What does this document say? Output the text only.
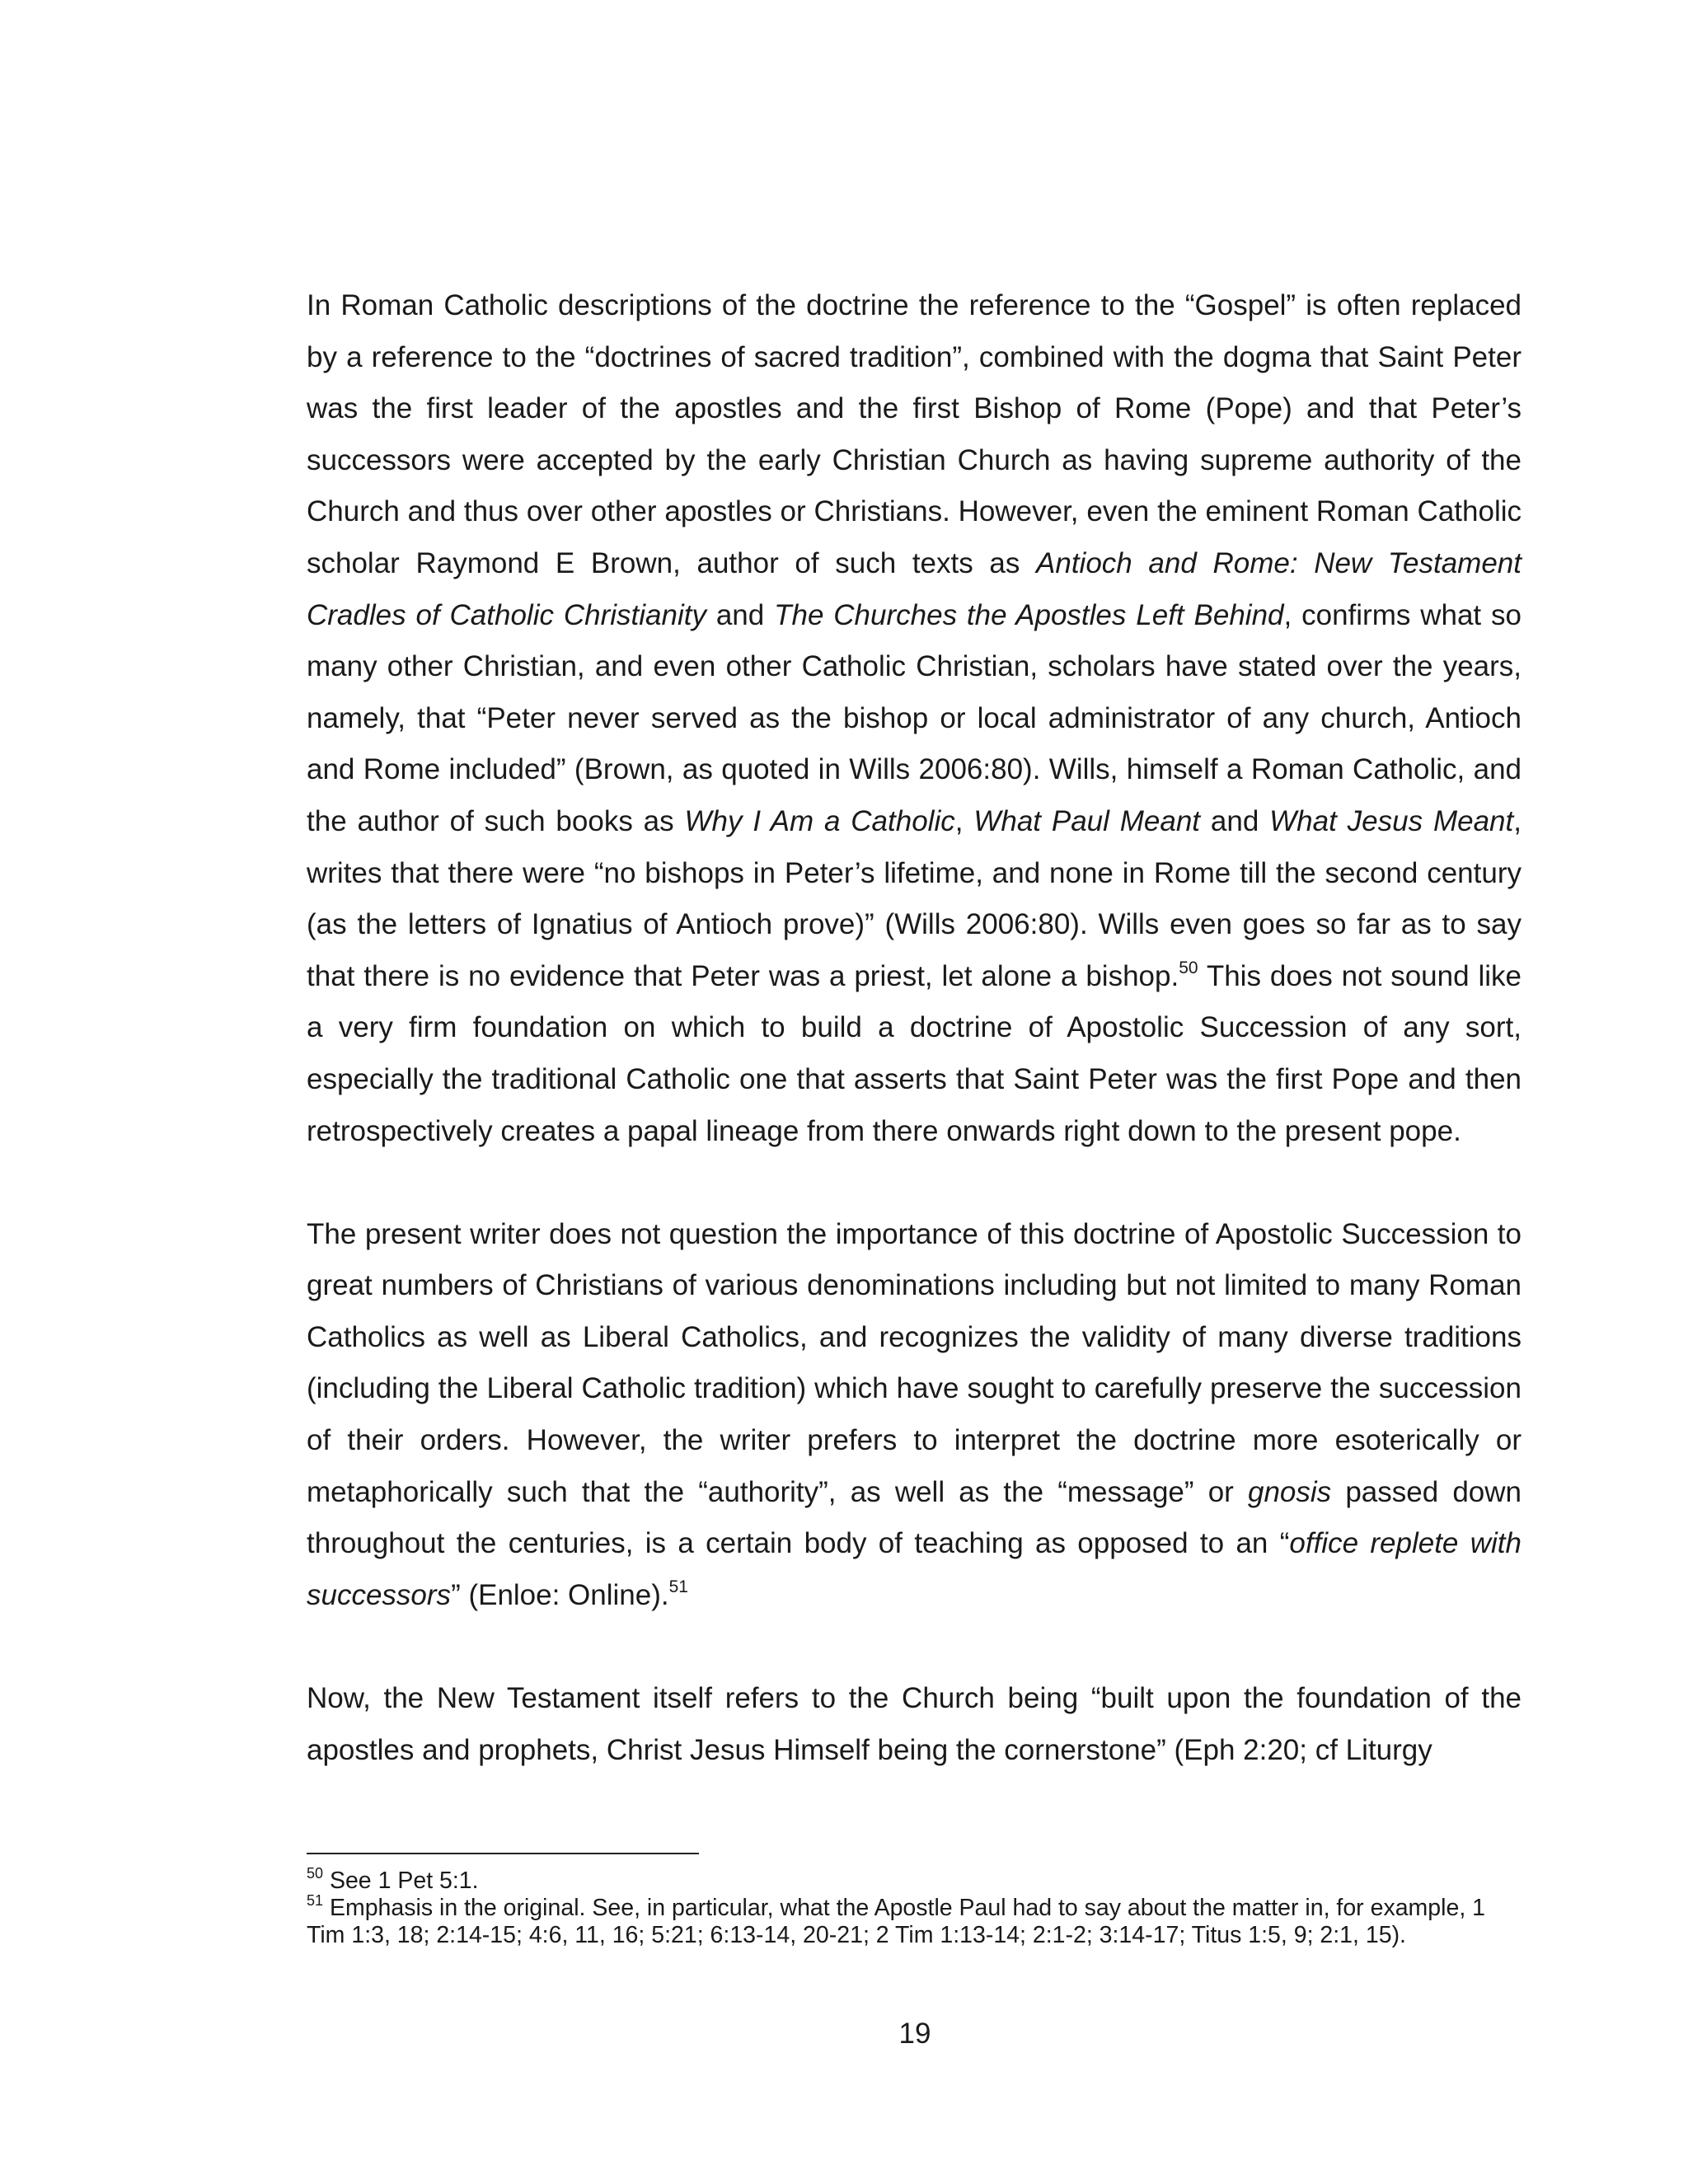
In Roman Catholic descriptions of the doctrine the reference to the “Gospel” is often replaced by a reference to the “doctrines of sacred tradition”, combined with the dogma that Saint Peter was the first leader of the apostles and the first Bishop of Rome (Pope) and that Peter’s successors were accepted by the early Christian Church as having supreme authority of the Church and thus over other apostles or Christians. However, even the eminent Roman Catholic scholar Raymond E Brown, author of such texts as Antioch and Rome: New Testament Cradles of Catholic Christianity and The Churches the Apostles Left Behind, confirms what so many other Christian, and even other Catholic Christian, scholars have stated over the years, namely, that “Peter never served as the bishop or local administrator of any church, Antioch and Rome included” (Brown, as quoted in Wills 2006:80). Wills, himself a Roman Catholic, and the author of such books as Why I Am a Catholic, What Paul Meant and What Jesus Meant, writes that there were “no bishops in Peter’s lifetime, and none in Rome till the second century (as the letters of Ignatius of Antioch prove)” (Wills 2006:80). Wills even goes so far as to say that there is no evidence that Peter was a priest, let alone a bishop.$^{50}$ This does not sound like a very firm foundation on which to build a doctrine of Apostolic Succession of any sort, especially the traditional Catholic one that asserts that Saint Peter was the first Pope and then retrospectively creates a papal lineage from there onwards right down to the present pope.

The present writer does not question the importance of this doctrine of Apostolic Succession to great numbers of Christians of various denominations including but not limited to many Roman Catholics as well as Liberal Catholics, and recognizes the validity of many diverse traditions (including the Liberal Catholic tradition) which have sought to carefully preserve the succession of their orders. However, the writer prefers to interpret the doctrine more esoterically or metaphorically such that the “authority”, as well as the “message” or gnosis passed down throughout the centuries, is a certain body of teaching as opposed to an “office replete with successors” (Enloe: Online).$^{51}$

Now, the New Testament itself refers to the Church being “built upon the foundation of the apostles and prophets, Christ Jesus Himself being the cornerstone” (Eph 2:20; cf Liturgy

$^{50}$ See 1 Pet 5:1.

$^{51}$ Emphasis in the original. See, in particular, what the Apostle Paul had to say about the matter in, for example, 1 Tim 1:3, 18; 2:14-15; 4:6, 11, 16; 5:21; 6:13-14, 20-21; 2 Tim 1:13-14; 2:1-2; 3:14-17; Titus 1:5, 9; 2:1, 15).

19
